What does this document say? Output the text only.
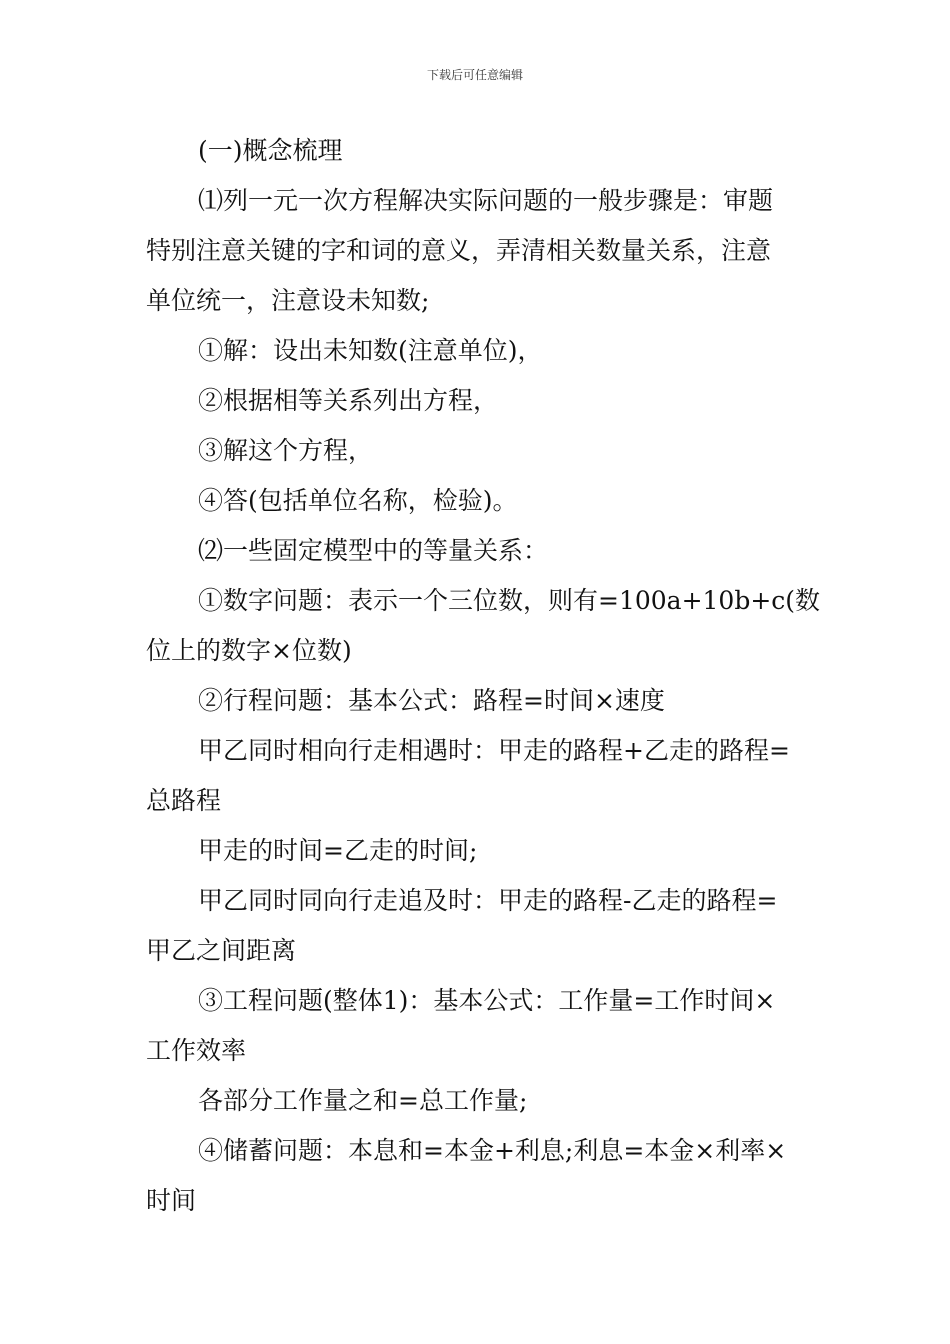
下载后可任意编辑
(一)概念梳理
⑴列一元一次方程解决实际问题的一般步骤是：审题
特别注意关键的字和词的意义，弄清相关数量关系，注意
单位统一，注意设未知数;
①解：设出未知数(注意单位)，
②根据相等关系列出方程，
③解这个方程，
④答(包括单位名称，检验)。
⑵一些固定模型中的等量关系：
①数字问题：表示一个三位数，则有=100a+10b+c(数
位上的数字×位数)
②行程问题：基本公式：路程=时间×速度
甲乙同时相向行走相遇时：甲走的路程+乙走的路程=
总路程
甲走的时间=乙走的时间;
甲乙同时同向行走追及时：甲走的路程-乙走的路程=
甲乙之间距离
③工程问题(整体1)：基本公式：工作量=工作时间×
工作效率
各部分工作量之和=总工作量;
④储蓄问题：本息和=本金+利息;利息=本金×利率×
时间
